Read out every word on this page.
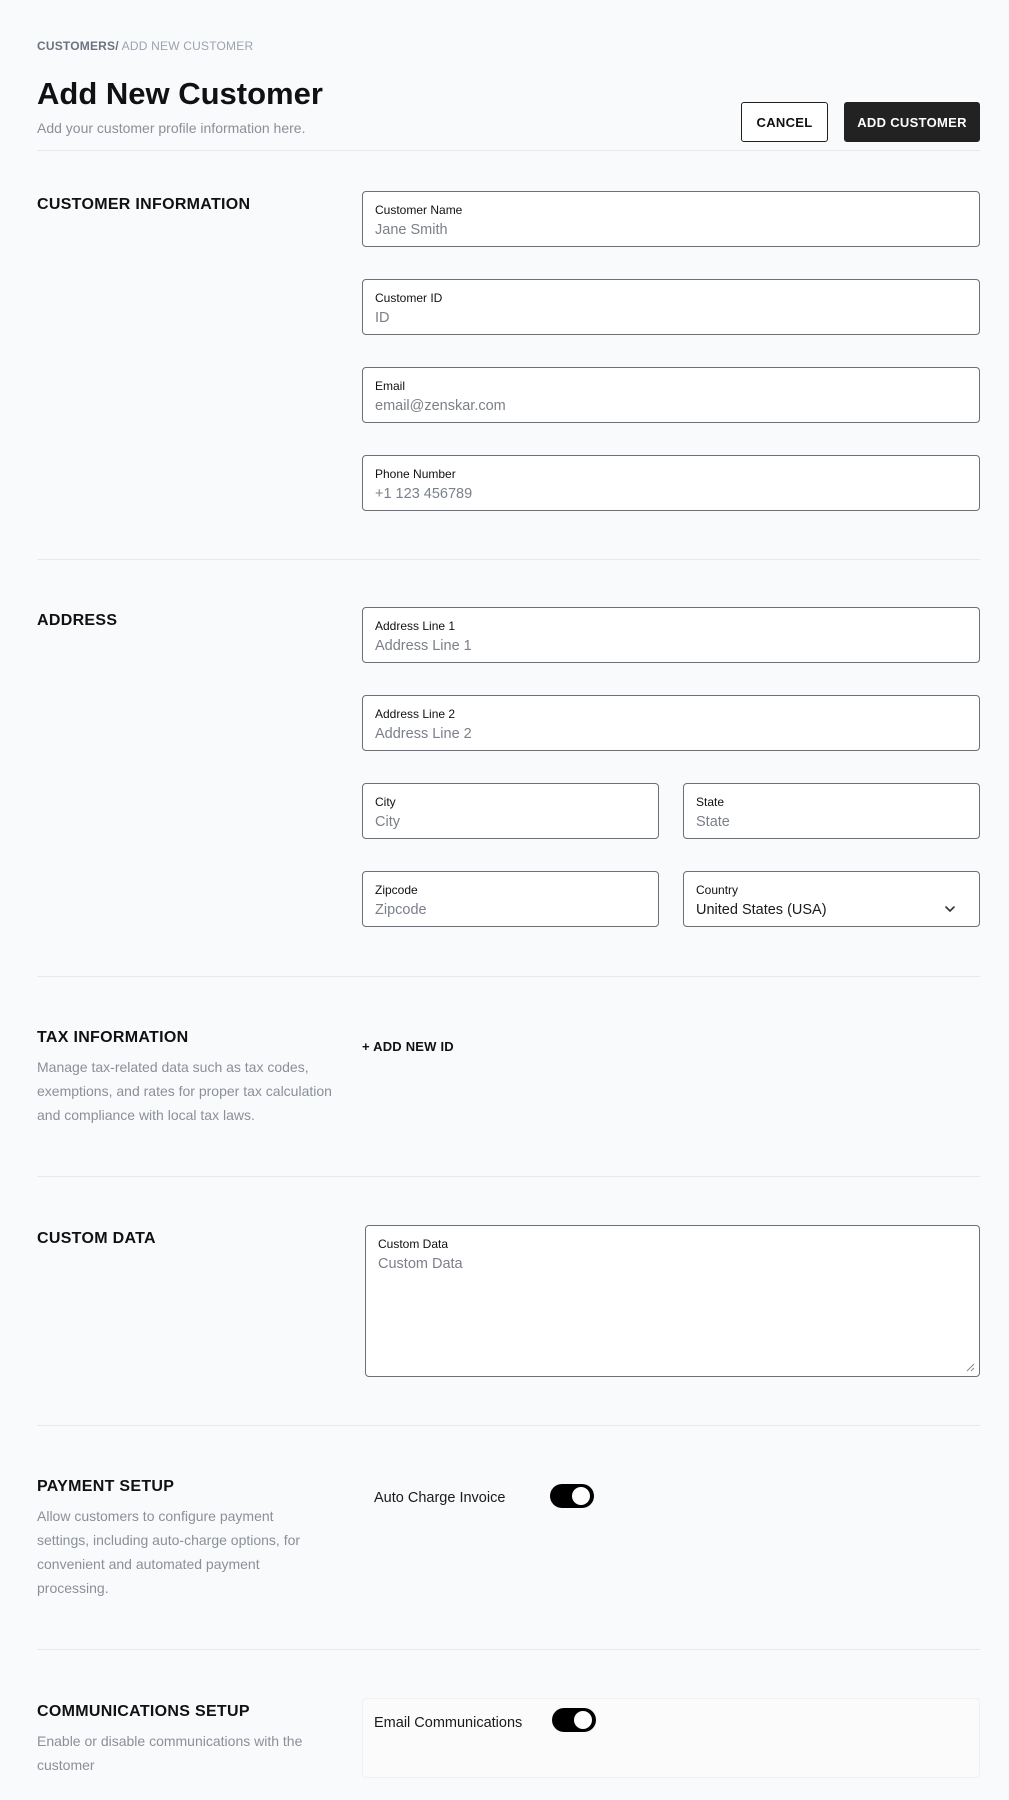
CUSTOMERS/ ADD NEW CUSTOMER
Add New Customer
Add your customer profile information here.	CANCEL	ADD CUSTOMER
CUSTOMER INFORMATION	Customer Name
Jane Smith
Customer ID
ID
Email
email@zenskar.com
Phone Number
+1 123 456789
ADDRESS	Address Line 1
Address Line 1
Address Line 2
Address Line 2
City
City
State
State
Zipcode
Zipcode
Country
United States (USA)
TAX INFORMATION
Manage tax-related data such as tax codes, exemptions, and rates for proper tax calculation and compliance with local tax laws.
+ ADD NEW ID
CUSTOM DATA	Custom Data
Custom Data
PAYMENT SETUP
Allow customers to configure payment settings, including auto-charge options, for convenient and automated payment processing.
Auto Charge Invoice
COMMUNICATIONS SETUP
Enable or disable communications with the customer
Email Communications
